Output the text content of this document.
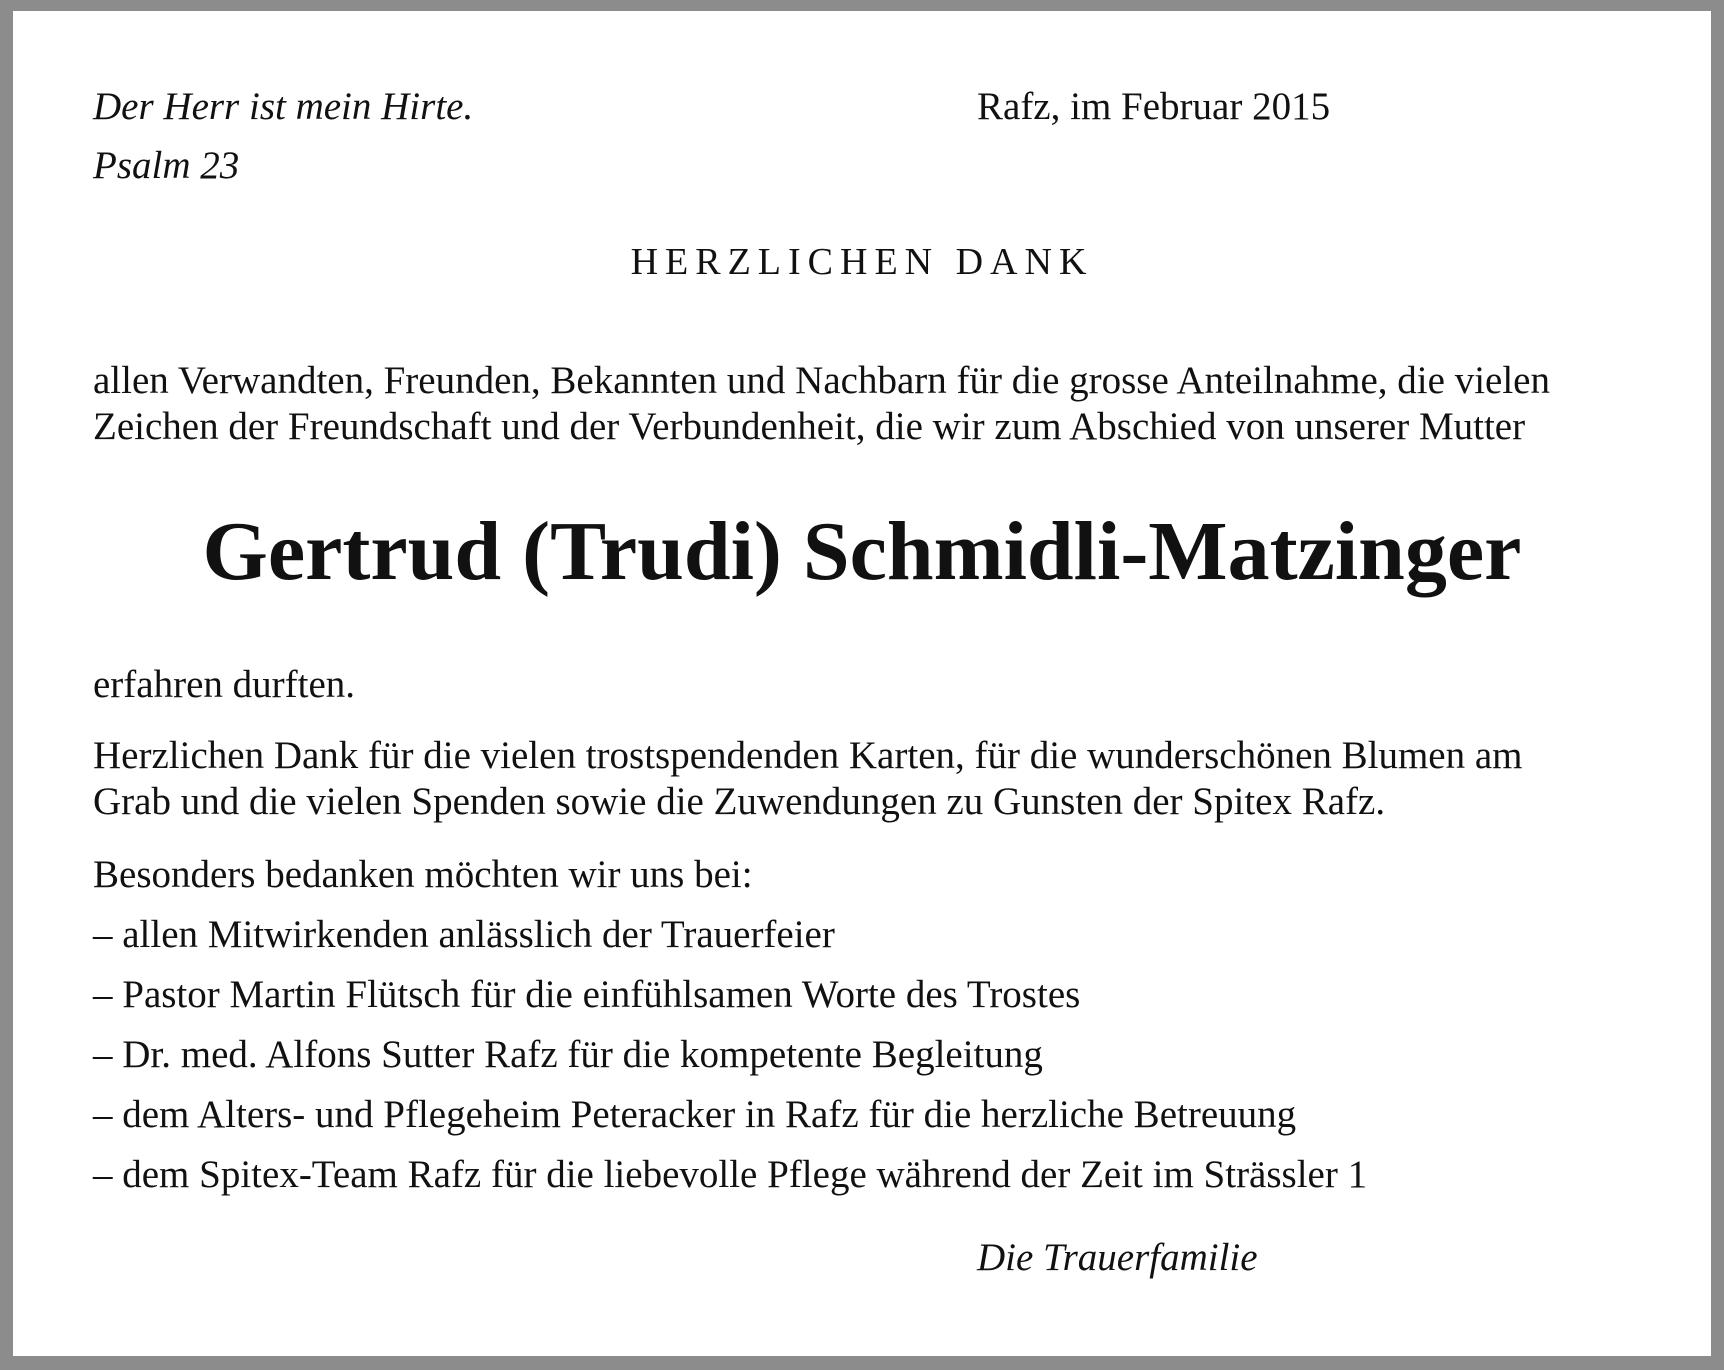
Der Herr ist mein Hirte.

Psalm 23

Rafz, im Februar 2015

HERZLICHEN DANK

allen Verwandten, Freunden, Bekannten und Nachbarn für die grosse Anteilnahme, die vielen

Zeichen der Freundschaft und der Verbundenheit, die wir zum Abschied von unserer Mutter

Gertrud (Trudi) Schmidli-Matzinger

erfahren durften.

Herzlichen Dank für die vielen trostspendenden Karten, für die wunderschönen Blumen am

Grab und die vielen Spenden sowie die Zuwendungen zu Gunsten der Spitex Rafz.

Besonders bedanken möchten wir uns bei:

– allen Mitwirkenden anlässlich der Trauerfeier

– Pastor Martin Flütsch für die einfühlsamen Worte des Trostes

– Dr. med. Alfons Sutter Rafz für die kompetente Begleitung

– dem Alters- und Pflegeheim Peteracker in Rafz für die herzliche Betreuung

– dem Spitex-Team Rafz für die liebevolle Pflege während der Zeit im Strässler 1

Die Trauerfamilie
